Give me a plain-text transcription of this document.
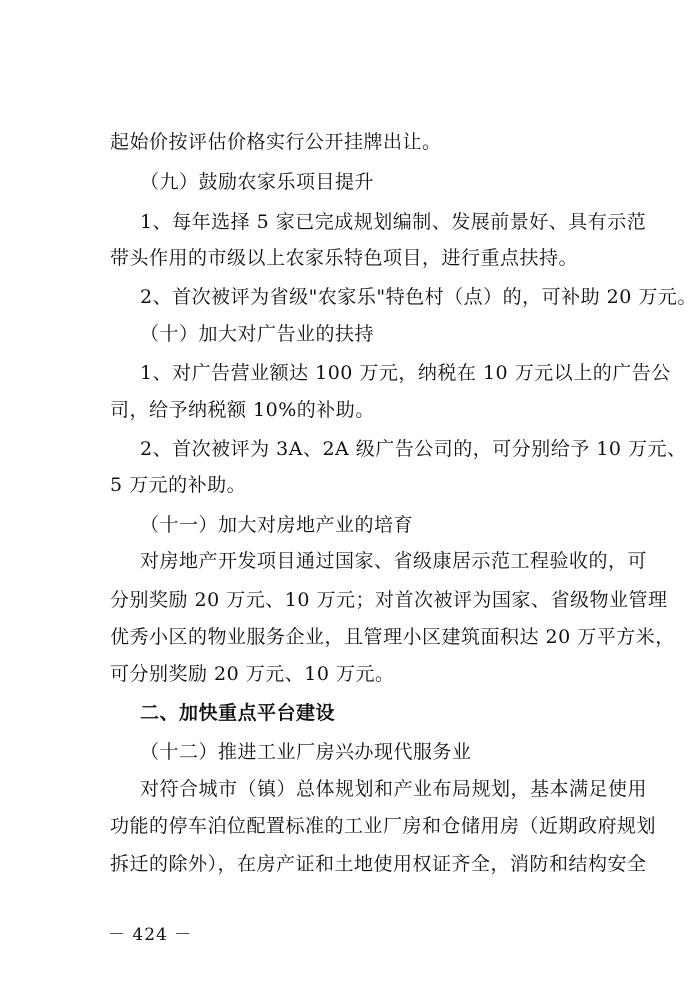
起始价按评估价格实行公开挂牌出让。
（九）鼓励农家乐项目提升
1、每年选择 5 家已完成规划编制、发展前景好、具有示范
带头作用的市级以上农家乐特色项目，进行重点扶持。
2、首次被评为省级"农家乐"特色村（点）的，可补助 20 万元。
（十）加大对广告业的扶持
1、对广告营业额达 100 万元，纳税在 10 万元以上的广告公
司，给予纳税额 10%的补助。
2、首次被评为 3A、2A 级广告公司的，可分别给予 10 万元、
5 万元的补助。
（十一）加大对房地产业的培育
对房地产开发项目通过国家、省级康居示范工程验收的，可
分别奖励 20 万元、10 万元；对首次被评为国家、省级物业管理
优秀小区的物业服务企业，且管理小区建筑面积达 20 万平方米，
可分别奖励 20 万元、10 万元。
二、加快重点平台建设
（十二）推进工业厂房兴办现代服务业
对符合城市（镇）总体规划和产业布局规划，基本满足使用
功能的停车泊位配置标准的工业厂房和仓储用房（近期政府规划
拆迁的除外），在房产证和土地使用权证齐全，消防和结构安全
－ 424 －
